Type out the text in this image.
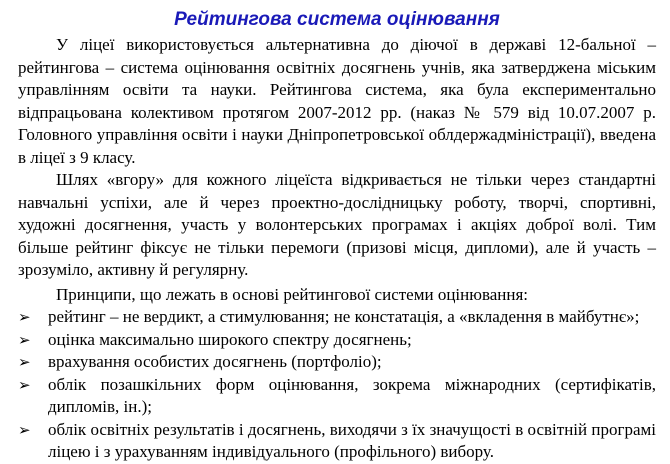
Рейтингова система оцінювання

У ліцеї використовується альтернативна до діючої в державі 12-бальної – рейтингова – система оцінювання освітніх досягнень учнів, яка затверджена міським управлінням освіти та науки. Рейтингова система, яка була експериментально відпрацьована колективом протягом 2007-2012 рр. (наказ № 579 від 10.07.2007 р. Головного управління освіти і науки Дніпропетровської облдержадміністрації), введена в ліцеї з 9 класу.

Шлях «вгору» для кожного ліцеїста відкривається не тільки через стандартні навчальні успіхи, але й через проектно-дослідницьку роботу, творчі, спортивні, художні досягнення, участь у волонтерських програмах і акціях доброї волі. Тим більше рейтинг фіксує не тільки перемоги (призові місця, дипломи), але й участь – зрозуміло, активну й регулярну.

Принципи, що лежать в основі рейтингової системи оцінювання:

➢ рейтинг – не вердикт, а стимулювання; не констатація, а «вкладення в майбутнє»;
➢ оцінка максимально широкого спектру досягнень;
➢ врахування особистих досягнень (портфоліо);
➢ облік позашкільних форм оцінювання, зокрема міжнародних (сертифікатів, дипломів, ін.);
➢ облік освітніх результатів і досягнень, виходячи з їх значущості в освітній програмі ліцею і з урахуванням індивідуального (профільного) вибору.
